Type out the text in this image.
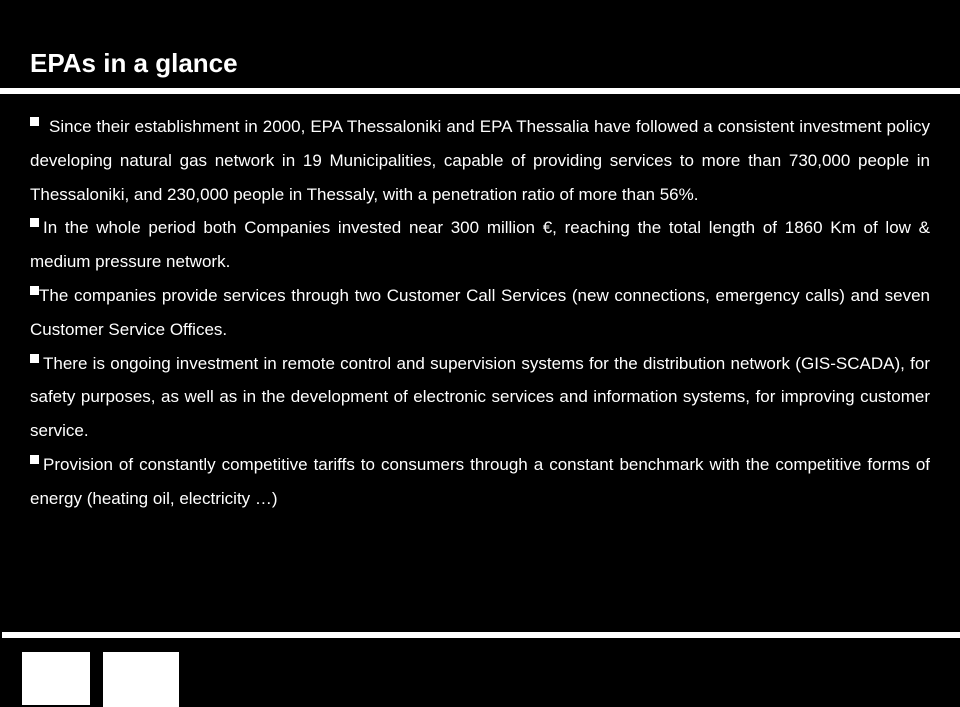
EPAs in a glance

Since their establishment in 2000, EPA Thessaloniki and EPA Thessalia have followed a consistent investment policy developing natural gas network in 19 Municipalities, capable of providing services to more than 730,000 people in Thessaloniki, and 230,000 people in Thessaly, with a penetration ratio of more than 56%.

In the whole period both Companies invested near 300 million €, reaching the total length of 1860 Km of low & medium pressure network.

The companies provide services through two Customer Call Services (new connections, emergency calls) and seven Customer Service Offices.

There is ongoing investment in remote control and supervision systems for the distribution network (GIS-SCADA), for safety purposes, as well as in the development of electronic services and information systems, for improving customer service.

Provision of constantly competitive tariffs to consumers through a constant benchmark with the competitive forms of energy (heating oil, electricity …)
